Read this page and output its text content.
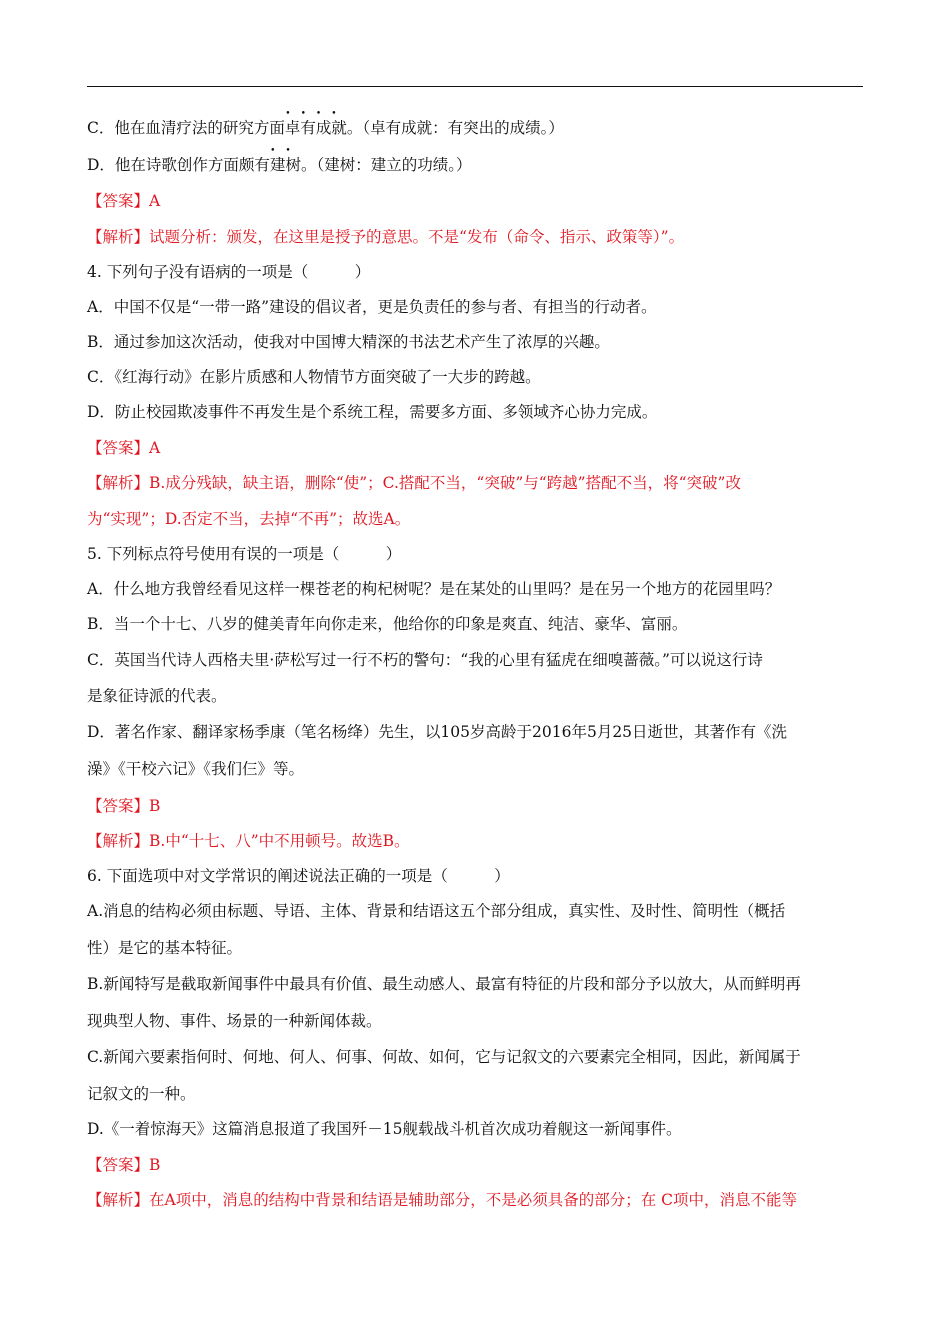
C．他在血清疗法的研究方面卓有成就
••••
。（卓有成就：有突出的成绩。）
D．他在诗歌创作方面颇有建树
••
。（建树：建立的功绩。）
【答案】A
【解析】试题分析：颁发，在这里是授予的意思。不是“发布（命令、指示、政策等）”。
4. 下列句子没有语病的一项是（　　　）
A．中国不仅是“一带一路”建设的倡议者，更是负责任的参与者、有担当的行动者。
B．通过参加这次活动，使我对中国博大精深的书法艺术产生了浓厚的兴趣。
C．《红海行动》在影片质感和人物情节方面突破了一大步的跨越。
D．防止校园欺凌事件不再发生是个系统工程，需要多方面、多领域齐心协力完成。
【答案】A
【解析】B.成分残缺，缺主语，删除“使”；C.搭配不当，“突破”与“跨越”搭配不当，将“突破”改
为“实现”；D.否定不当，去掉“不再”；故选A。
5. 下列标点符号使用有误的一项是（　　　）
A．什么地方我曾经看见这样一棵苍老的枸杞树呢？是在某处的山里吗？是在另一个地方的花园里吗？
B．当一个十七、八岁的健美青年向你走来，他给你的印象是爽直、纯洁、豪华、富丽。
C．英国当代诗人西格夫里·萨松写过一行不朽的警句：“我的心里有猛虎在细嗅蔷薇。”可以说这行诗
是象征诗派的代表。
D．著名作家、翻译家杨季康（笔名杨绛）先生，以105岁高龄于2016年5月25日逝世，其著作有《洗
澡》《干校六记》《我们仨》等。
【答案】B
【解析】B.中“十七、八”中不用顿号。故选B。
6. 下面选项中对文学常识的阐述说法正确的一项是（　　　）
A.消息的结构必须由标题、导语、主体、背景和结语这五个部分组成，真实性、及时性、简明性（概括
性）是它的基本特征。
B.新闻特写是截取新闻事件中最具有价值、最生动感人、最富有特征的片段和部分予以放大，从而鲜明再
现典型人物、事件、场景的一种新闻体裁。
C.新闻六要素指何时、何地、何人、何事、何故、如何，它与记叙文的六要素完全相同，因此，新闻属于
记叙文的一种。
D.《一着惊海天》这篇消息报道了我国歼－15舰载战斗机首次成功着舰这一新闻事件。
【答案】B
【解析】在A项中，消息的结构中背景和结语是辅助部分，不是必须具备的部分；在 C项中，消息不能等
